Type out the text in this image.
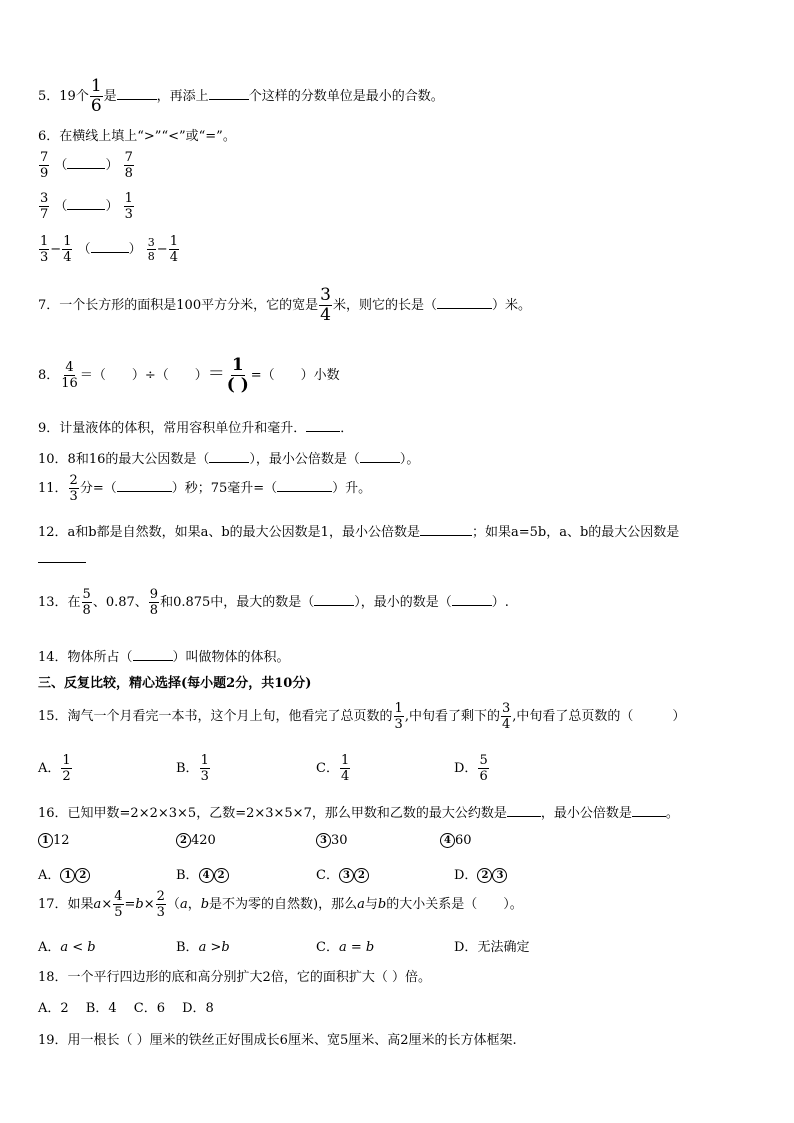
5．19个 $\frac{1}{6}$ 是	，再添上	个这样的分数单位是最小的合数。
6．在横线上填上“>”“<”或“=”。
$\frac{7}{9}$ （	） $\frac{7}{8}$
$\frac{3}{7}$ （	） $\frac{1}{3}$
$\frac{1}{3} - \frac{1}{4}$ （	） $\frac{3}{8} - \frac{1}{4}$
7．一个长方形的面积是100平方分米，它的宽是 $\frac{3}{4}$ 米，则它的长是（	）米。
8． $\frac{4}{16}$ ＝（　　）÷（　　）＝ $\frac{1}{( )}$ =（　　）小数
9．计量液体的体积，常用容积单位升和毫升．	．
10．8和16的最大公因数是（	），最小公倍数是（	）。
11． $\frac{2}{3}$ 分=（	）秒；75毫升=（	）升。
12．a和b都是自然数，如果a、b的最大公因数是1，最小公倍数是	；如果a=5b，a、b的最大公因数是
13．在 $\frac{5}{8}$ 、0.87、 $\frac{9}{8}$ 和0.875中，最大的数是（	），最小的数是（	）.
14．物体所占（	）叫做物体的体积。
三、反复比较，精心选择(每小题2分，共10分)
15．淘气一个月看完一本书，这个月上旬，他看完了总页数的 $\frac{1}{3}$ ,中旬看了剩下的 $\frac{3}{4}$ ,中旬看了总页数的（　　　）
A． $\frac{1}{2}$	B． $\frac{1}{3}$	C． $\frac{1}{4}$	D． $\frac{5}{6}$
16．已知甲数=2×2×3×5，乙数=2×3×5×7，那么甲数和乙数的最大公约数是	，最小公倍数是	。
1 12	2 420	3 30	4 60
A． 1 2	B． 4 2	C． 3 2	D． 2 3
17．如果$a\times \frac{4}{5} =b\times \frac{2}{3} (a$，b是不为零的自然数)，那么a与b的大小关系是（　　）。
A．a < b	B．a >b	C．a = b	D．无法确定
18．一个平行四边形的底和高分别扩大2倍，它的面积扩大（ ）倍。
A．2　 B．4　 C．6　 D．8
19．用一根长（ ）厘米的铁丝正好围成长6厘米、宽5厘米、高2厘米的长方体框架.
